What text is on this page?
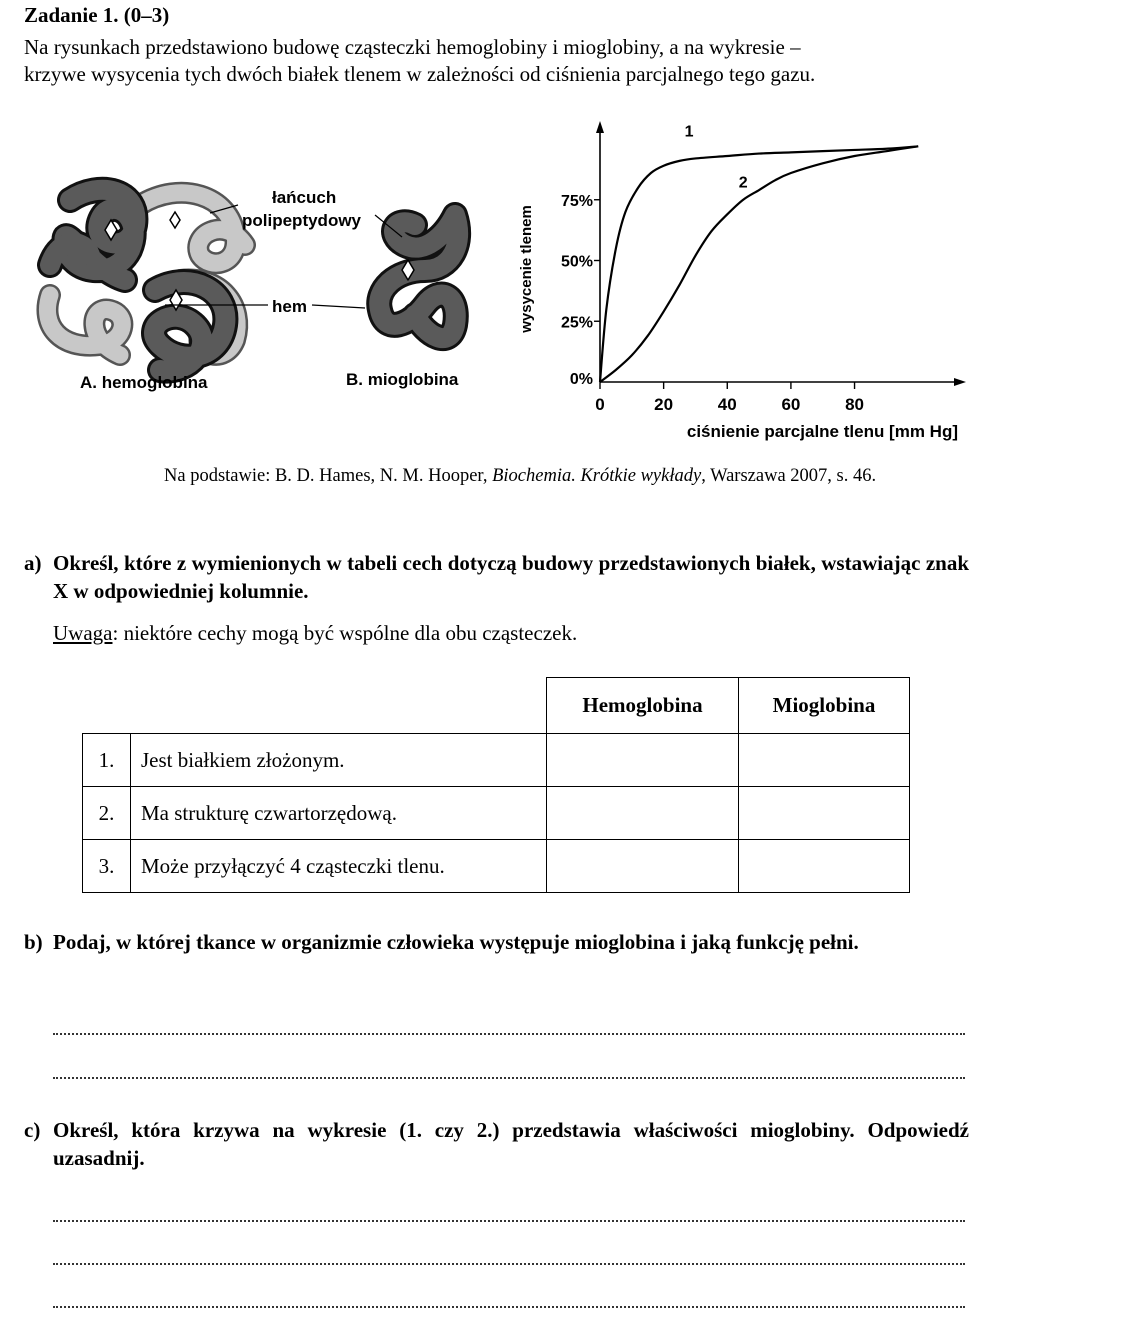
Zadanie 1. (0–3)
Na rysunkach przedstawiono budowę cząsteczki hemoglobiny i mioglobiny, a na wykresie –
krzywe wysycenia tych dwóch białek tlenem w zależności od ciśnienia parcjalnego tego gazu.
łańcuch
polipeptydowy
hem
A. hemoglobina	B. mioglobina
0	20	40	60	80
0%
25%
50%
75%
1
2
ciśnienie parcjalne tlenu [mm Hg]
wysycenie tlenem
Na podstawie: B. D. Hames, N. M. Hooper, Biochemia. Krótkie wykłady, Warszawa 2007, s. 46.
a) Określ, które z wymienionych w tabeli cech dotyczą budowy przedstawionych białek, wstawiając znak X w odpowiedniej kolumnie.
Uwaga: niektóre cechy mogą być wspólne dla obu cząsteczek.
		Hemoglobina	Mioglobina
1.	Jest białkiem złożonym.		
2.	Ma strukturę czwartorzędową.		
3.	Może przyłączyć 4 cząsteczki tlenu.		
b) Podaj, w której tkance w organizmie człowieka występuje mioglobina i jaką funkcję pełni.
c) Określ, która krzywa na wykresie (1. czy 2.) przedstawia właściwości mioglobiny. Odpowiedź uzasadnij.
